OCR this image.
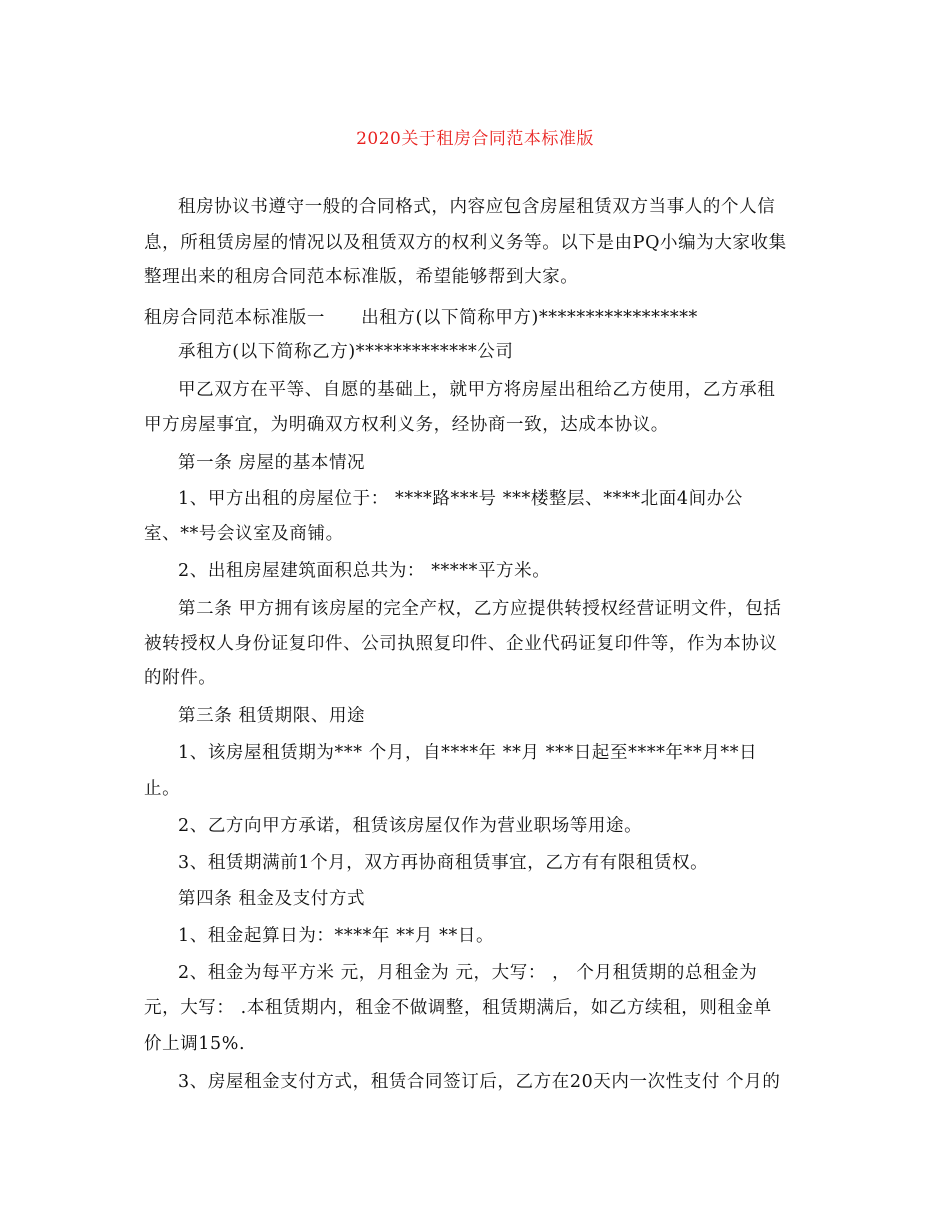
2020关于租房合同范本标准版
租房协议书遵守一般的合同格式，内容应包含房屋租赁双方当事人的个人信
息，所租赁房屋的情况以及租赁双方的权利义务等。以下是由PQ小编为大家收集
整理出来的租房合同范本标准版，希望能够帮到大家。
租房合同范本标准版一　　出租方(以下简称甲方)*****************
承租方(以下简称乙方)*************公司
甲乙双方在平等、自愿的基础上，就甲方将房屋出租给乙方使用，乙方承租
甲方房屋事宜，为明确双方权利义务，经协商一致，达成本协议。
第一条 房屋的基本情况
1、甲方出租的房屋位于： ****路***号 ***楼整层、****北面4间办公
室、**号会议室及商铺。
2、出租房屋建筑面积总共为： *****平方米。
第二条 甲方拥有该房屋的完全产权，乙方应提供转授权经营证明文件，包括
被转授权人身份证复印件、公司执照复印件、企业代码证复印件等，作为本协议
的附件。
第三条 租赁期限、用途
1、该房屋租赁期为*** 个月，自****年 **月 ***日起至****年**月**日
止。
2、乙方向甲方承诺，租赁该房屋仅作为营业职场等用途。
3、租赁期满前1个月，双方再协商租赁事宜，乙方有有限租赁权。
第四条 租金及支付方式
1、租金起算日为：****年 **月 **日。
2、租金为每平方米 元，月租金为 元，大写： ， 个月租赁期的总租金为
元，大写： .本租赁期内，租金不做调整，租赁期满后，如乙方续租，则租金单
价上调15%.
3、房屋租金支付方式，租赁合同签订后，乙方在20天内一次性支付 个月的
